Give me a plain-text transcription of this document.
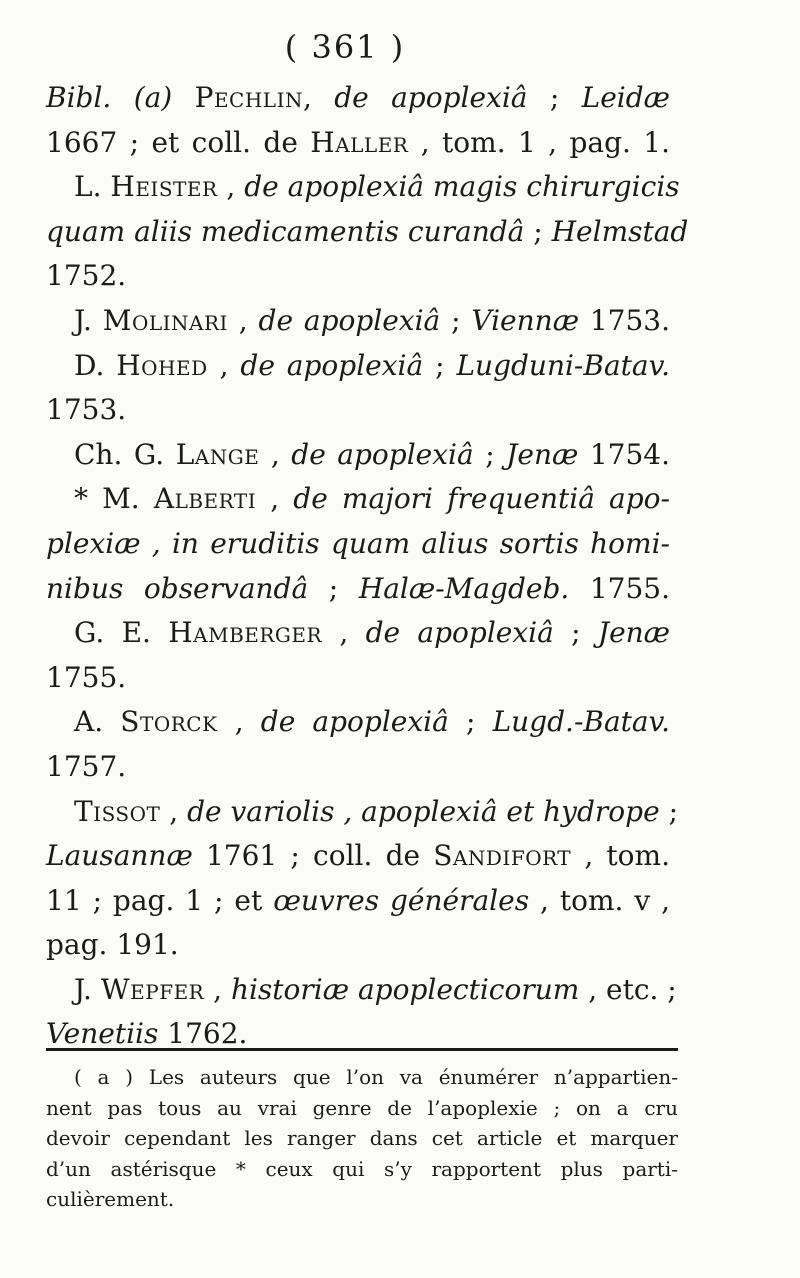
( 361 )
Bibl. (a) Pechlin, de apoplexiâ ; Leidæ
1667 ; et coll. de Haller , tom. 1 , pag. 1.
L. Heister , de apoplexiâ magis chirurgicis
quam aliis medicamentis curandâ ; Helmstad
1752.
J. Molinari , de apoplexiâ ; Viennæ 1753.
D. Hohed , de apoplexiâ ; Lugduni-Batav.
1753.
Ch. G. Lange , de apoplexiâ ; Jenæ 1754.
* M. Alberti , de majori frequentiâ apo-
plexiæ , in eruditis quam alius sortis homi-
nibus observandâ ; Halæ-Magdeb. 1755.
G. E. Hamberger , de apoplexiâ ; Jenæ
1755.
A. Storck , de apoplexiâ ; Lugd.-Batav.
1757.
Tissot , de variolis , apoplexiâ et hydrope ;
Lausannæ 1761 ; coll. de Sandifort , tom.
11 ; pag. 1 ; et œuvres générales , tom. v ,
pag. 191.
J. Wepfer , historiæ apoplecticorum , etc. ;
Venetiis 1762.
( a ) Les auteurs que l’on va énumérer n’appartien-
nent pas tous au vrai genre de l’apoplexie ; on a cru
devoir cependant les ranger dans cet article et marquer
d’un astérisque * ceux qui s’y rapportent plus parti-
culièrement.
